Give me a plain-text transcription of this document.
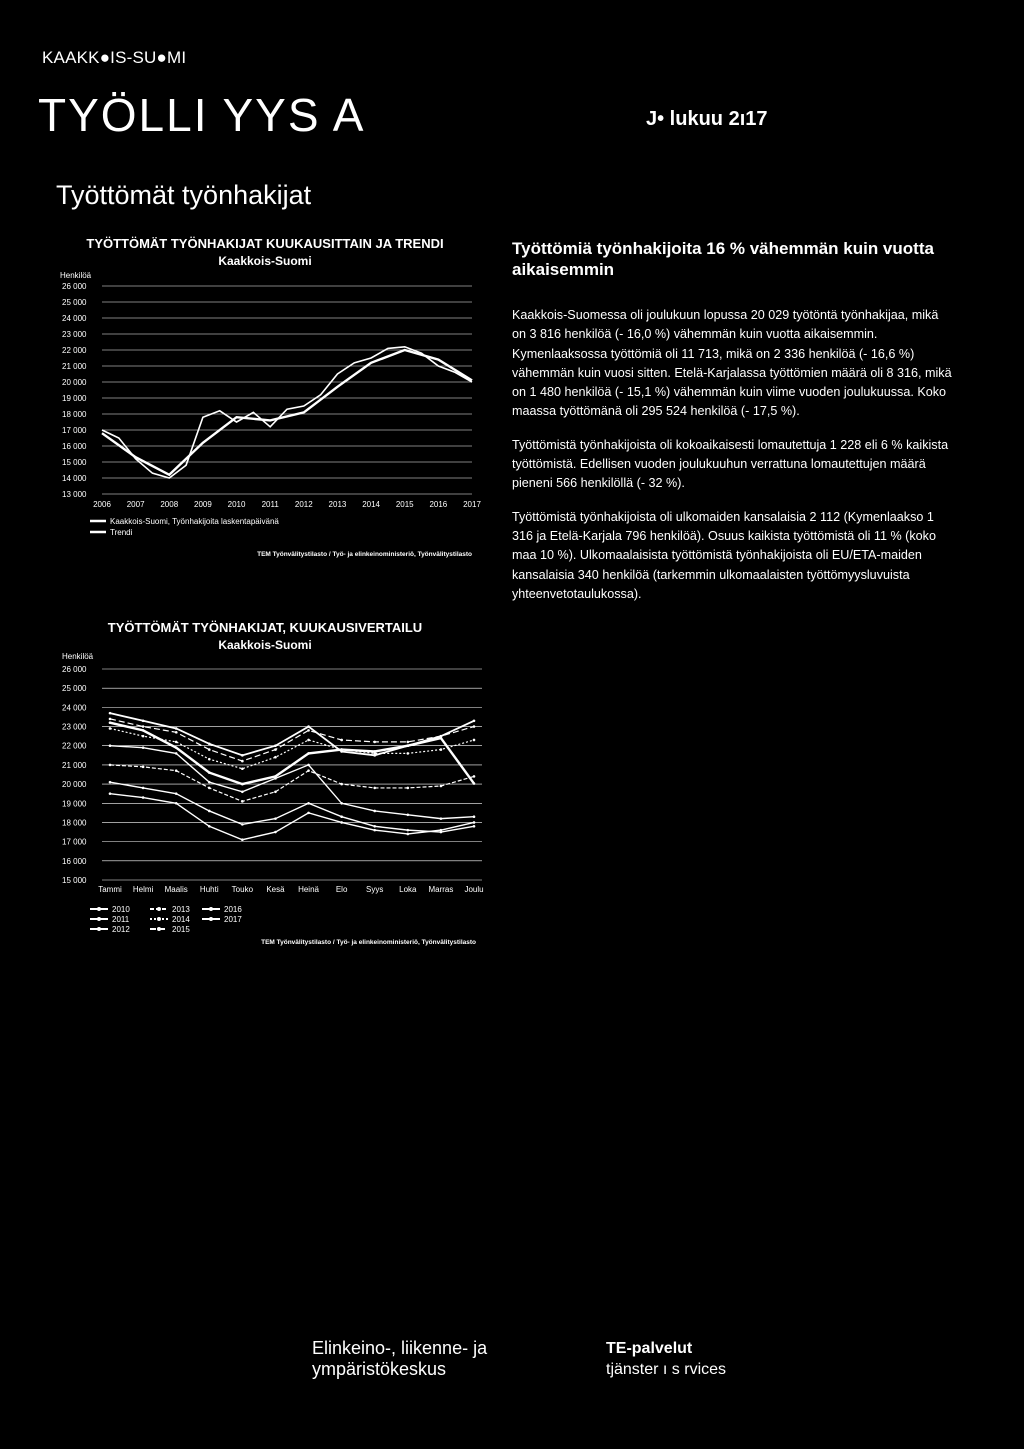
KAAKK●IS-SU●MI
TYÖLLI YYS A	J• lukuu 2ı17
Työttömät työnhakijat
TYÖTTÖMÄT TYÖNHAKIJAT KUUKAUSITTAIN JA TRENDI
Kaakkois-Suomi
Henkilöä
13 000
14 000
15 000
16 000
17 000
18 000
19 000
20 000
21 000
22 000
23 000
24 000
25 000
26 000
2006 2007 2008 2009 2010 2011 2012 2013 2014 2015 2016 2017
Kaakkois-Suomi, Työnhakijoita laskentapäivänä
Trendi
TEM Työnvälitystilasto / Työ- ja elinkeinoministeriö, Työnvälitystilasto
TYÖTTÖMÄT TYÖNHAKIJAT, KUUKAUSIVERTAILU
Kaakkois-Suomi
Henkilöä
15 000
16 000
17 000
18 000
19 000
20 000
21 000
22 000
23 000
24 000
25 000
26 000
Tammi Helmi Maalis Huhti Touko Kesä Heinä Elo Syys Loka Marras Joulu
2010
2011
2012
2013
2014
2015
2016
2017
TEM Työnvälitystilasto / Työ- ja elinkeinoministeriö, Työnvälitystilasto
Työttömiä työnhakijoita 16 % vähemmän kuin vuotta aikaisemmin

Kaakkois-Suomessa oli joulukuun lopussa 20 029 työtöntä työnhakijaa, mikä on 3 816 henkilöä (- 16,0 %) vähemmän kuin vuotta aikaisemmin. Kymenlaaksossa työttömiä oli 11 713, mikä on 2 336 henkilöä (- 16,6 %) vähemmän kuin vuosi sitten. Etelä-Karjalassa työttömien määrä oli 8 316, mikä on 1 480 henkilöä (- 15,1 %) vähemmän kuin viime vuoden joulukuussa. Koko maassa työttömänä oli 295 524 henkilöä (- 17,5 %).

Työttömistä työnhakijoista oli kokoaikaisesti lomautettuja 1 228 eli 6 % kaikista työttömistä. Edellisen vuoden joulukuuhun verrattuna lomautettujen määrä pieneni 566 henkilöllä (- 32 %).

Työttömistä työnhakijoista oli ulkomaiden kansalaisia 2 112 (Kymenlaakso 1 316 ja Etelä-Karjala 796 henkilöä). Osuus kaikista työttömistä oli 11 % (koko maa 10 %). Ulkomaalaisista työttömistä työnhakijoista oli EU/ETA-maiden kansalaisia 340 henkilöä (tarkemmin ulkomaalaisten työttömyysluvuista yhteenvetotaulukossa).

Elinkeino-, liikenne- ja
ympäristökeskus
TE-palvelut
tjänster ı s rvices
